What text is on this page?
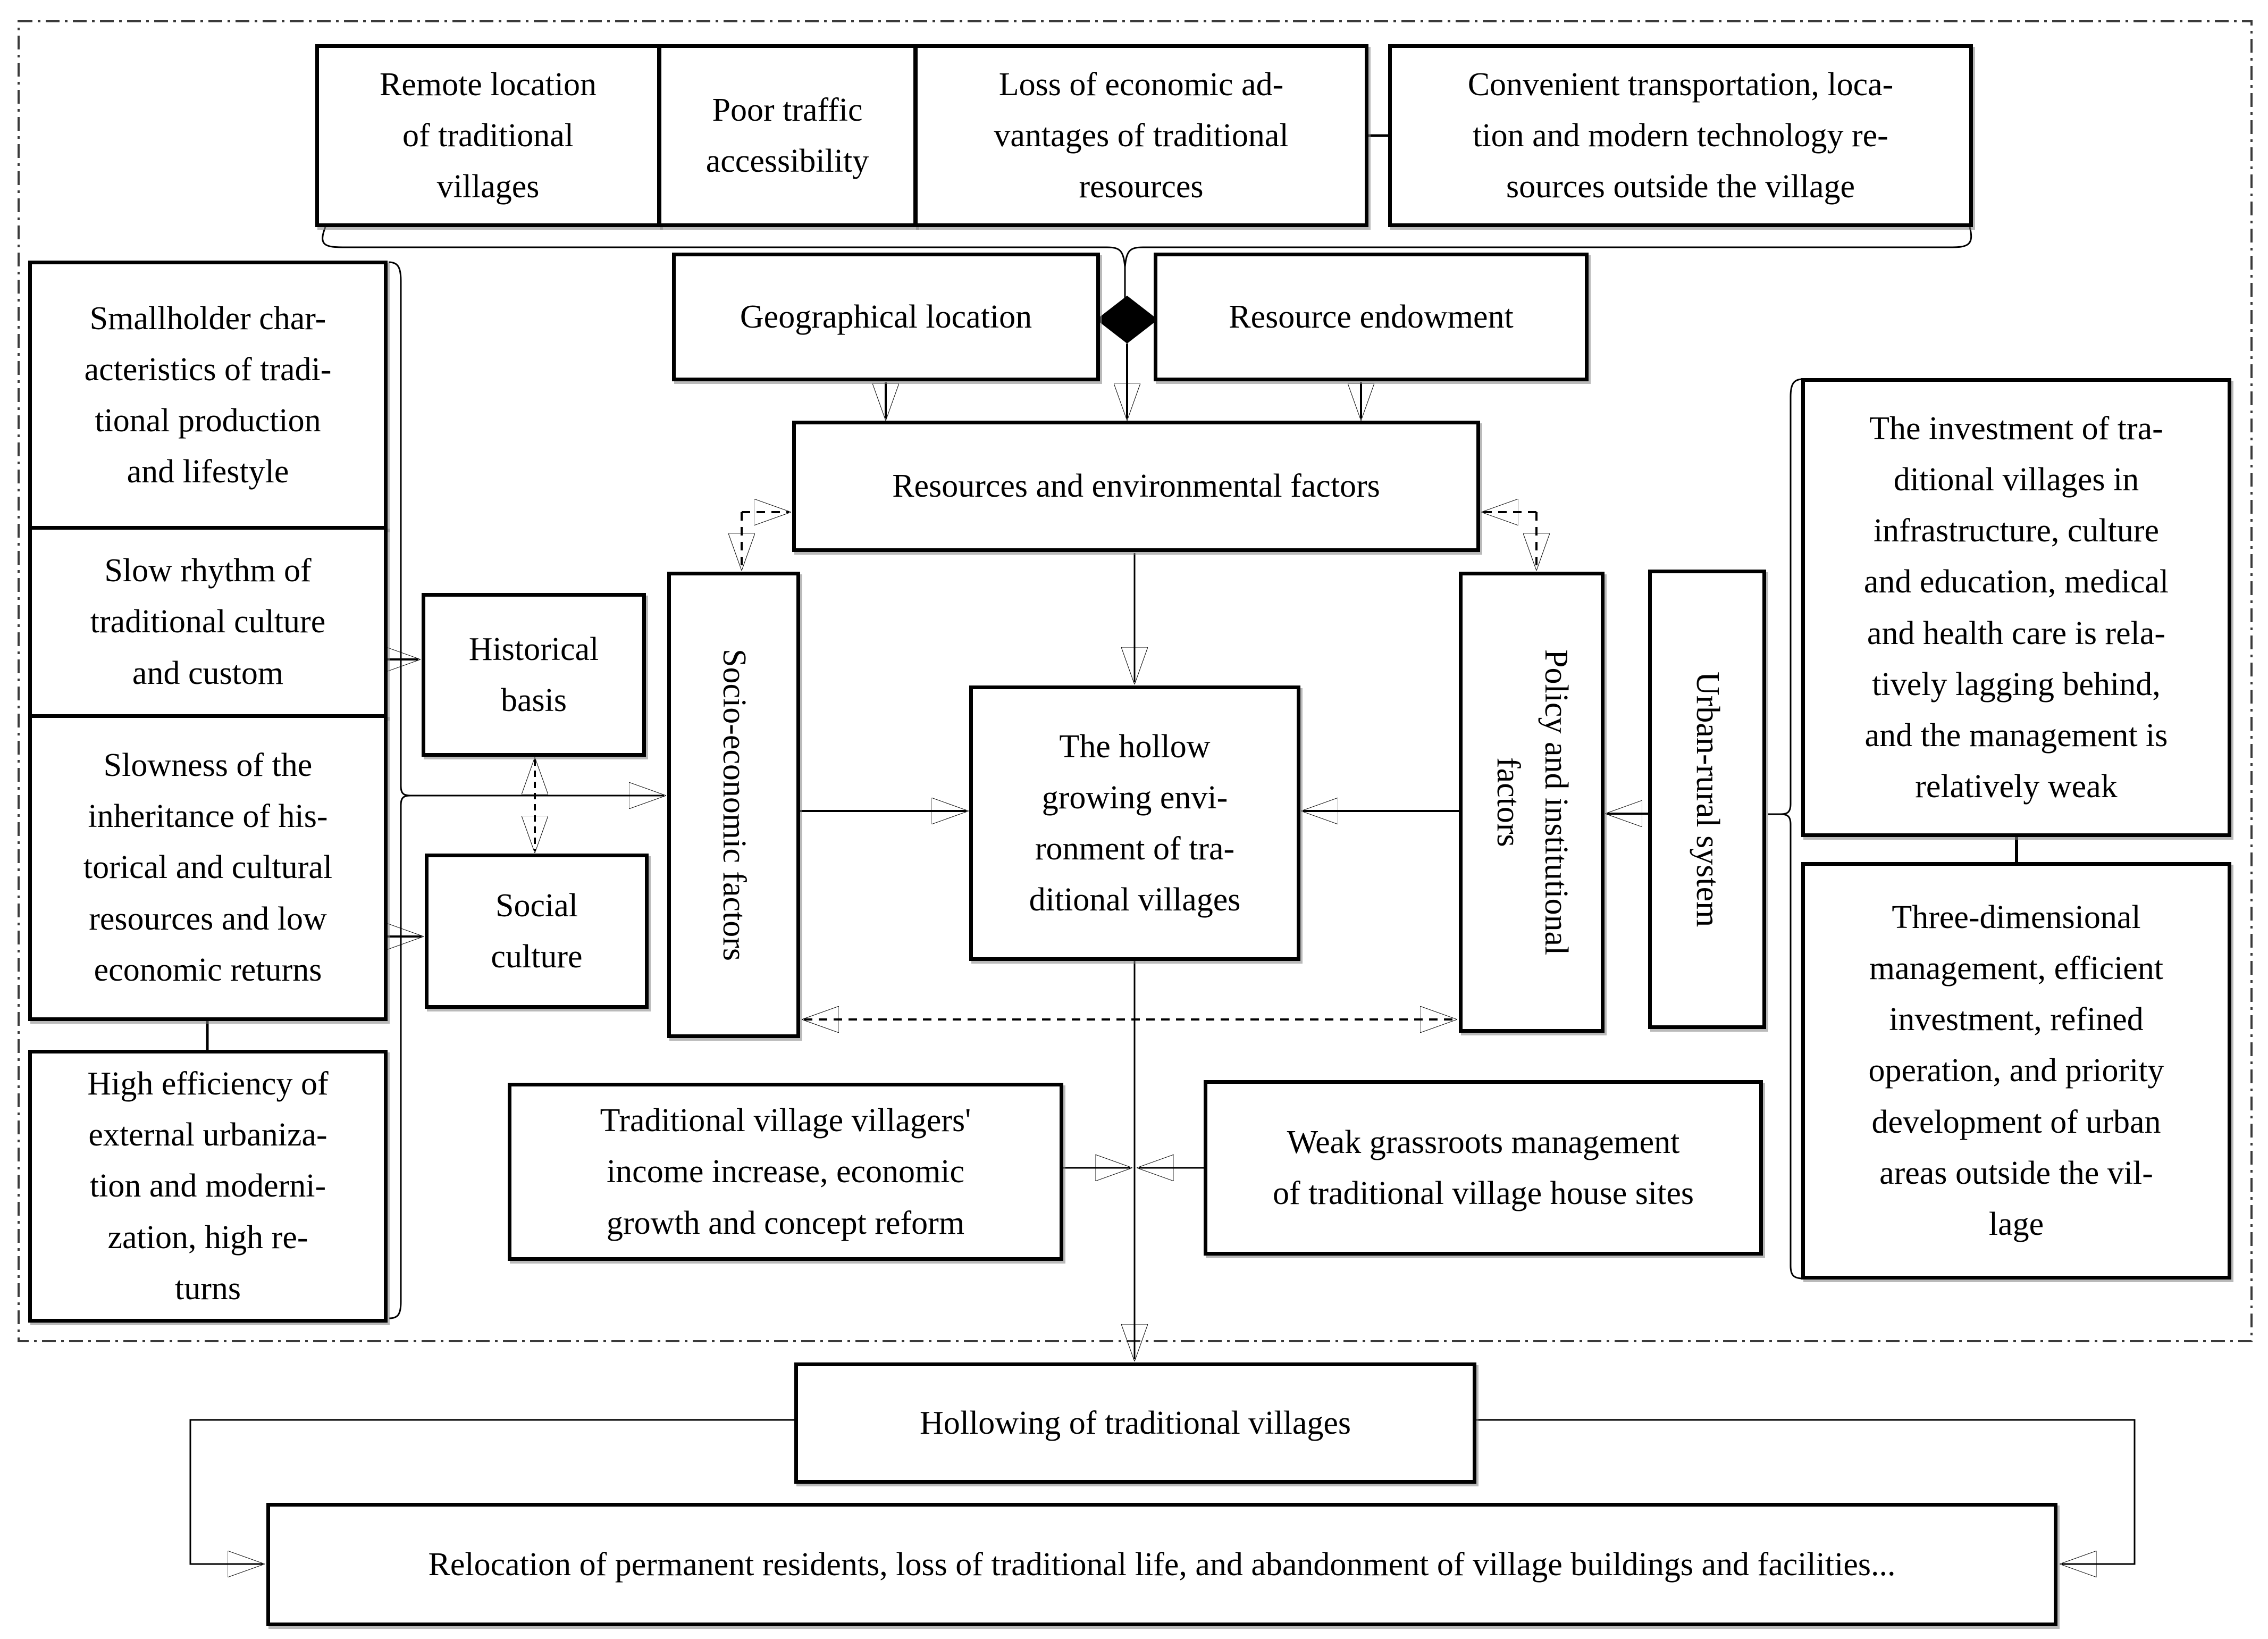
Remote location
of traditional
villages
Poor traffic
accessibility
Loss of economic ad-
vantages of traditional
resources
Convenient transportation, loca-
tion and modern technology re-
sources outside the village
Geographical location	Resource endowment
Resources and environmental factors
Smallholder char-
acteristics of tradi-
tional production
and lifestyle
Slow rhythm of
traditional culture
and custom
Slowness of the
inheritance of his-
torical and cultural
resources and low
economic returns
High efficiency of
external urbaniza-
tion and moderni-
zation, high re-
turns
Historical
basis
Social
culture	Socio-economic factors	The hollow
growing envi-
ronment of tra-
ditional villages
Policy and institutional
factors	Urban-rural system
The investment of tra-
ditional villages in
infrastructure, culture
and education, medical
and health care is rela-
tively lagging behind,
and the management is
relatively weak
Three-dimensional
management, efficient
investment, refined
operation, and priority
development of urban
areas outside the vil-
lage
Traditional village villagers'
income increase, economic
growth and concept reform
Weak grassroots management
of traditional village house sites
Hollowing of traditional villages
Relocation of permanent residents, loss of traditional life, and abandonment of village buildings and facilities...
